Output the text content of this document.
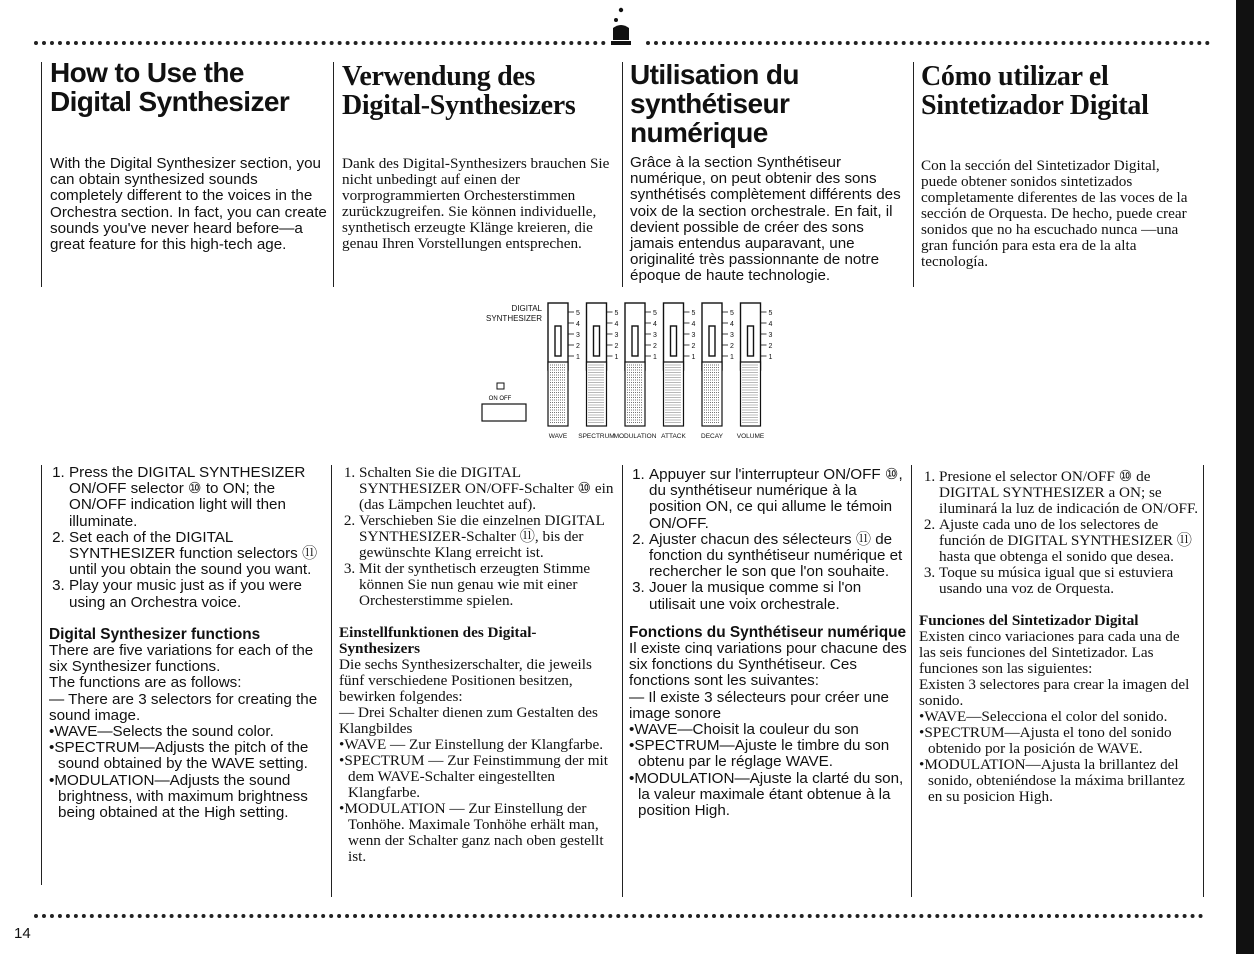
How to Use the
Digital Synthesizer

With the Digital Synthesizer section, you can obtain synthesized sounds completely different to the voices in the Orchestra section. In fact, you can create sounds you've never heard before—a great feature for this high-tech age.

Verwendung des
Digital-Synthesizers

Dank des Digital-Synthesizers brauchen Sie nicht unbedingt auf einen der vorprogrammierten Orchesterstimmen zurückzugreifen. Sie können individuelle, synthetisch erzeugte Klänge kreieren, die genau Ihren Vorstellungen entsprechen.

Utilisation du
synthétiseur
numérique

Grâce à la section Synthétiseur numérique, on peut obtenir des sons synthétisés complètement différents des voix de la section orchestrale. En fait, il devient possible de créer des sons jamais entendus auparavant, une originalité très passionnante de notre époque de haute technologie.

Cómo utilizar el
Sintetizador Digital

Con la sección del Sintetizador Digital, puede obtener sonidos sintetizados completamente diferentes de las voces de la sección de Orquesta. De hecho, puede crear sonidos que no ha escuchado nunca —una gran función para esta era de la alta tecnología.

DIGITAL
SYNTHESIZER
ON OFF
5
4
3
2
1
5
4
3
2
1
5
4
3
2
1
5
4
3
2
1
5
4
3
2
1
5
4
3
2
1
WAVE SPECTRUM
MODULATION ATTACK DECAY VOLUME
1. Press the DIGITAL SYNTHESIZER ON/OFF selector ⑩ to ON; the ON/OFF indication light will then illuminate.
2. Set each of the DIGITAL SYNTHESIZER function selectors ⑪ until you obtain the sound you want.
3. Play your music just as if you were using an Orchestra voice.

Digital Synthesizer functions

There are five variations for each of the six Synthesizer functions.

The functions are as follows:

— There are 3 selectors for creating the sound image.

•WAVE—Selects the sound color.

•SPECTRUM—Adjusts the pitch of the sound obtained by the WAVE setting.

•MODULATION—Adjusts the sound brightness, with maximum brightness being obtained at the High setting.

1. Schalten Sie die DIGITAL SYNTHESIZER ON/OFF-Schalter ⑩ ein (das Lämpchen leuchtet auf).
2. Verschieben Sie die einzelnen DIGITAL SYNTHESIZER-Schalter ⑪, bis der gewünschte Klang erreicht ist.
3. Mit der synthetisch erzeugten Stimme können Sie nun genau wie mit einer Orchesterstimme spielen.

Einstellfunktionen des Digital-Synthesizers

Die sechs Synthesizerschalter, die jeweils fünf verschiedene Positionen besitzen, bewirken folgendes:

— Drei Schalter dienen zum Gestalten des Klangbildes

•WAVE — Zur Einstellung der Klangfarbe.

•SPECTRUM — Zur Feinstimmung der mit dem WAVE-Schalter eingestellten Klangfarbe.

•MODULATION — Zur Einstellung der Tonhöhe. Maximale Tonhöhe erhält man, wenn der Schalter ganz nach oben gestellt ist.

1. Appuyer sur l'interrupteur ON/OFF ⑩, du synthétiseur numérique à la position ON, ce qui allume le témoin ON/OFF.
2. Ajuster chacun des sélecteurs ⑪ de fonction du synthétiseur numérique et rechercher le son que l'on souhaite.
3. Jouer la musique comme si l'on utilisait une voix orchestrale.

Fonctions du Synthétiseur numérique

Il existe cinq variations pour chacune des six fonctions du Synthétiseur. Ces fonctions sont les suivantes:

— Il existe 3 sélecteurs pour créer une image sonore

•WAVE—Choisit la couleur du son

•SPECTRUM—Ajuste le timbre du son obtenu par le réglage WAVE.

•MODULATION—Ajuste la clarté du son, la valeur maximale étant obtenue à la position High.

1. Presione el selector ON/OFF ⑩ de DIGITAL SYNTHESIZER a ON; se iluminará la luz de indicación de ON/OFF.
2. Ajuste cada uno de los selectores de función de DIGITAL SYNTHESIZER ⑪ hasta que obtenga el sonido que desea.
3. Toque su música igual que si estuviera usando una voz de Orquesta.

Funciones del Sintetizador Digital

Existen cinco variaciones para cada una de las seis funciones del Sintetizador. Las funciones son las siguientes:

Existen 3 selectores para crear la imagen del sonido.

•WAVE—Selecciona el color del sonido.

•SPECTRUM—Ajusta el tono del sonido obtenido por la posición de WAVE.

•MODULATION—Ajusta la brillantez del sonido, obteniéndose la máxima brillantez en su posicion High.

14
